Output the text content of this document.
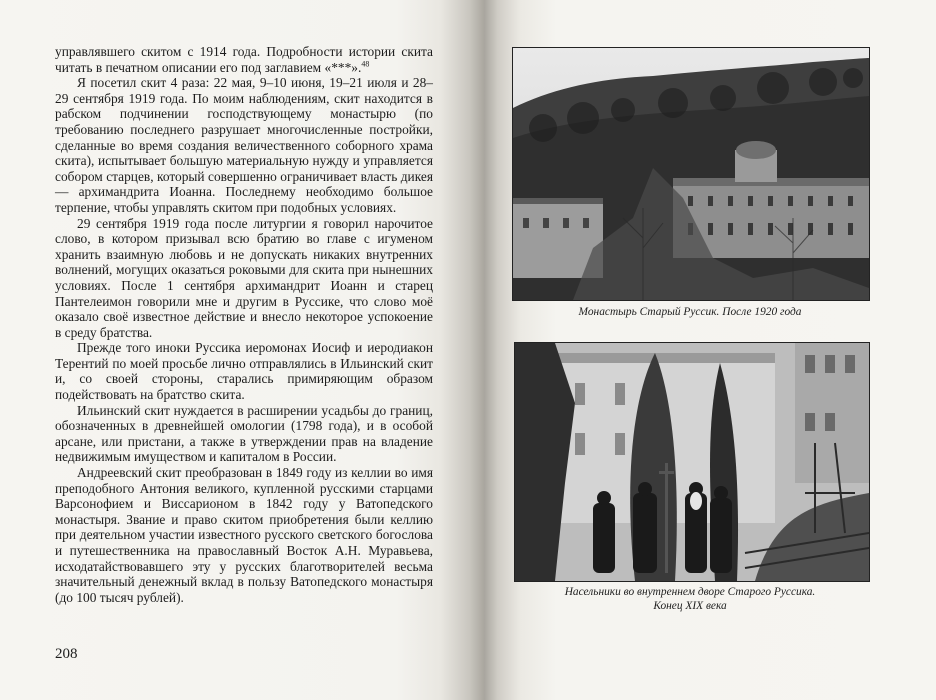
управлявшего скитом с 1914 года. Подробности истории скита читать в печатном описании его под заглавием «***».$^{48}$

Я посетил скит 4 раза: 22 мая, 9–10 июня, 19–21 июля и 28–29 сентября 1919 года. По моим наблюдениям, скит находится в рабском подчинении господствующему монастырю (по требованию последнего разрушает многочисленные постройки, сделанные во время создания величественного соборного храма скита), испытывает большую материальную нужду и управляется собором старцев, который совершенно ограничивает власть дикея — архимандрита Иоанна. Последнему необходимо большое терпение, чтобы управлять скитом при подобных условиях.

29 сентября 1919 года после литургии я говорил нарочитое слово, в котором призывал всю братию во главе с игуменом хранить взаимную любовь и не допускать никаких внутренних волнений, могущих оказаться роковыми для скита при нынешних условиях. После 1 сентября архимандрит Иоанн и старец Пантелеимон говорили мне и другим в Руссике, что слово моё оказало своё известное действие и внесло некоторое успокоение в среду братства.

Прежде того иноки Руссика иеромонах Иосиф и иеродиакон Терентий по моей просьбе лично отправлялись в Ильинский скит и, со своей стороны, старались примиряющим образом подействовать на братство скита.

Ильинский скит нуждается в расширении усадьбы до границ, обозначенных в древнейшей омологии (1798 года), и в особой арсане, или пристани, а также в утверждении прав на владение недвижимым имуществом и капиталом в России.

Андреевский скит преобразован в 1849 году из келлии во имя преподобного Антония великого, купленной русскими старцами Варсонофием и Виссарионом в 1842 году у Ватопедского монастыря. Звание и право скитом приобретения были келлию при деятельном участии известного русского светского богослова и путешественника на православный Восток А.Н. Муравьева, исходатайствовавшего эту у русских благотворителей весьма значительный денежный вклад в пользу Ватопедского монастыря (до 100 тысяч рублей).

208
Монастырь Старый Руссик. После 1920 года
Насельники во внутреннем дворе Старого Руссика.
Конец XIX века
